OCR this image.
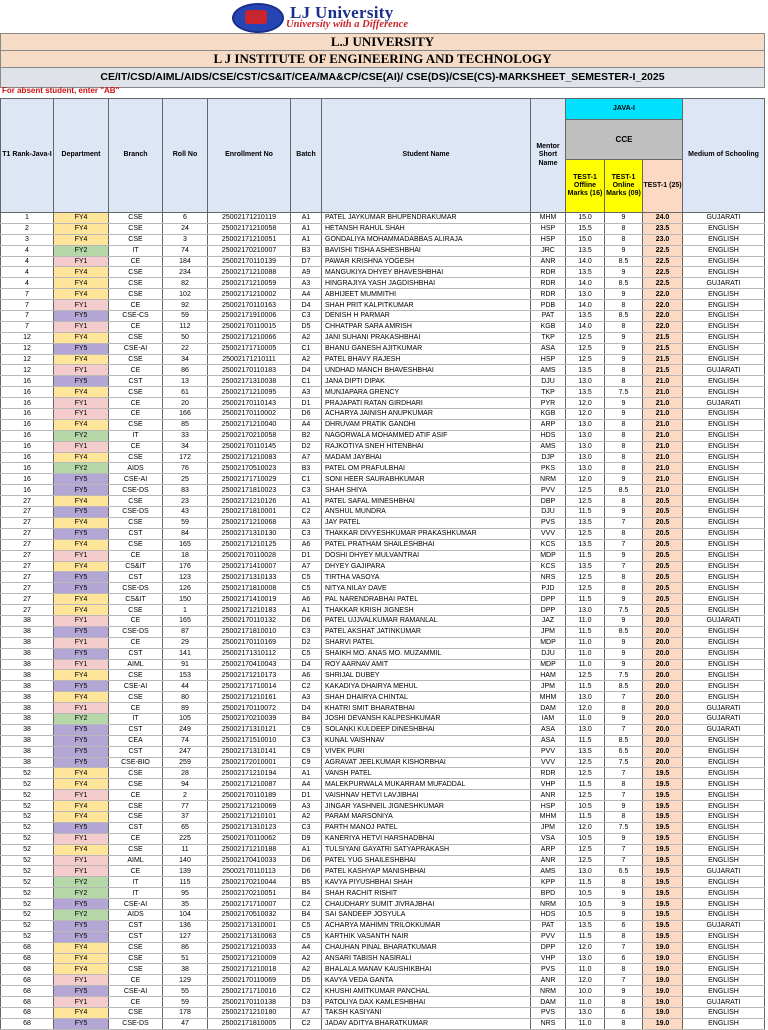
LJ University
University with a Difference
L.J UNIVERSITY
L J INSTITUTE OF ENGINEERING AND TECHNOLOGY
CE/IT/CSD/AIML/AIDS/CSE/CST/CS&IT/CEA/MA&CP/CSE(AI)/ CSE(DS)/CSE(CS)-MARKSHEET_SEMESTER-I_2025
For absent student, enter "AB"
T1 Rank-Java-I	Department	Branch	Roll No	Enrollment No	Batch	Student Name	Mentor Short Name	JAVA-I			Medium of Schooling
								CCE			
								TEST-1 Offline Marks (16)	TEST-1 Online Marks (09)	TEST-1 (25)	
1	FY4	CSE	6	25002171210119	A1	PATEL JAYKUMAR BHUPENDRAKUMAR	MHM	15.0	9	24.0	GUJARATI
2	FY4	CSE	24	25002171210058	A1	HETANSH RAHUL SHAH	HSP	15.5	8	23.5	ENGLISH
3	FY4	CSE	3	25002171210051	A1	GONDALIYA MOHAMMADABBAS ALIRAJA	HSP	15.0	8	23.0	ENGLISH
4	FY2	IT	74	25002170210007	B3	BAVISHI TISHA ASHESHBHAI	JRC	13.5	9	22.5	ENGLISH
4	FY1	CE	184	25002170110139	D7	PAWAR KRISHNA YOGESH	ANR	14.0	8.5	22.5	ENGLISH
4	FY4	CSE	234	25002171210088	A9	MANGUKIYA DHYEY BHAVESHBHAI	RDR	13.5	9	22.5	ENGLISH
4	FY4	CSE	82	25002171210059	A3	HINGRAJIYA YASH JAGDISHBHAI	RDR	14.0	8.5	22.5	GUJARATI
7	FY4	CSE	102	25002171210002	A4	ABHIJEET MUMMITHI	RDR	13.0	9	22.0	ENGLISH
7	FY1	CE	92	25002170110163	D4	SHAH PRIT KALPITKUMAR	PDB	14.0	8	22.0	ENGLISH
7	FY5	CSE-CS	59	25002171910006	C3	DENISH H PARMAR	PAT	13.5	8.5	22.0	ENGLISH
7	FY1	CE	112	25002170110015	D5	CHHATPAR SARA AMRISH	KGB	14.0	8	22.0	ENGLISH
12	FY4	CSE	50	25002171210066	A2	JANI SUHANI PRAKASHBHAI	TKP	12.5	9	21.5	ENGLISH
12	FY5	CSE-AI	22	25002171710005	C1	BHANU GANESH AJITKUMAR	ASA	12.5	9	21.5	ENGLISH
12	FY4	CSE	34	25002171210111	A2	PATEL BHAVY RAJESH	HSP	12.5	9	21.5	ENGLISH
12	FY1	CE	86	25002170110183	D4	UNDHAD MANCH BHAVESHBHAI	AMS	13.5	8	21.5	GUJARATI
16	FY5	CST	13	25002171310038	C1	JANA DIPTI DIPAK	DJU	13.0	8	21.0	ENGLISH
16	FY4	CSE	61	25002171210095	A3	MUNJAPARA GRENCY	TKP	13.5	7.5	21.0	ENGLISH
16	FY1	CE	20	25002170110143	D1	PRAJAPATI RATAN GIRDHARI	PYR	12.0	9	21.0	GUJARATI
16	FY1	CE	166	25002170110002	D6	ACHARYA JAINISH ANUPKUMAR	KGB	12.0	9	21.0	ENGLISH
16	FY4	CSE	85	25002171210040	A4	DHRUVAM PRATIK GANDHI	ARP	13.0	8	21.0	ENGLISH
16	FY2	IT	33	25002170210058	B2	NAGORWALA MOHAMMED ATIF ASIF	HDS	13.0	8	21.0	ENGLISH
16	FY1	CE	34	25002170110145	D2	RAJKOTIYA SNEH HITENBHAI	AMS	13.0	8	21.0	ENGLISH
16	FY4	CSE	172	25002171210083	A7	MADAM JAYBHAI	DJP	13.0	8	21.0	ENGLISH
16	FY2	AIDS	76	25002170510023	B3	PATEL OM PRAFULBHAI	PKS	13.0	8	21.0	ENGLISH
16	FY5	CSE-AI	25	25002171710029	C1	SONI HEER SAURABHKUMAR	NRM	12.0	9	21.0	ENGLISH
16	FY5	CSE-DS	83	25002171810023	C3	SHAH SHIYA	PVV	12.5	8.5	21.0	ENGLISH
27	FY4	CSE	23	25002171210126	A1	PATEL SAFAL MINESHBHAI	DBP	12.5	8	20.5	ENGLISH
27	FY5	CSE-DS	43	25002171810001	C2	ANSHUL MUNDRA	DJU	11.5	9	20.5	ENGLISH
27	FY4	CSE	59	25002171210068	A3	JAY PATEL	PVS	13.5	7	20.5	ENGLISH
27	FY5	CST	84	25002171310130	C3	THAKKAR DIVYESHKUMAR PRAKASHKUMAR	VVV	12.5	8	20.5	ENGLISH
27	FY4	CSE	165	25002171210125	A6	PATEL PRATHAM SHAILESHBHAI	KCS	13.5	7	20.5	ENGLISH
27	FY1	CE	18	25002170110028	D1	DOSHI DHYEY MULVANTRAI	MDP	11.5	9	20.5	ENGLISH
27	FY4	CS&IT	176	25002171410007	A7	DHYEY GAJIPARA	KCS	13.5	7	20.5	ENGLISH
27	FY5	CST	123	25002171310133	C5	TIRTHA VASOYA	NRS	12.5	8	20.5	ENGLISH
27	FY5	CSE-DS	126	25002171810008	C5	NITYA NILAY DAVE	PJD	12.5	8	20.5	ENGLISH
27	FY4	CS&IT	150	25002171410019	A6	PAL NARENDRABHAI PATEL	DPP	11.5	9	20.5	ENGLISH
27	FY4	CSE	1	25002171210183	A1	THAKKAR KRISH JIGNESH	DPP	13.0	7.5	20.5	ENGLISH
38	FY1	CE	165	25002170110132	D6	PATEL UJJVALKUMAR RAMANLAL	JAZ	11.0	9	20.0	GUJARATI
38	FY5	CSE-DS	87	25002171810010	C3	PATEL AKSHAT JATINKUMAR	JPM	11.5	8.5	20.0	ENGLISH
38	FY1	CE	29	25002170110169	D2	SHARVI PATEL	MDP	11.0	9	20.0	ENGLISH
38	FY5	CST	141	25002171310112	C5	SHAIKH MO. ANAS MO. MUZAMMIL	DJU	11.0	9	20.0	ENGLISH
38	FY1	AIML	91	25002170410043	D4	ROY AARNAV AMIT	MDP	11.0	9	20.0	ENGLISH
38	FY4	CSE	153	25002171210173	A6	SHRIJAL DUBEY	HAM	12.5	7.5	20.0	ENGLISH
38	FY5	CSE-AI	44	25002171710014	C2	KAKADIYA DHAIRYA MEHUL	JPM	11.5	8.5	20.0	ENGLISH
38	FY4	CSE	80	25002171210161	A3	SHAH DHAIRYA CHINTAL	MHM	13.0	7	20.0	ENGLISH
38	FY1	CE	89	25002170110072	D4	KHATRI SMIT BHARATBHAI	DAM	12.0	8	20.0	GUJARATI
38	FY2	IT	105	25002170210039	B4	JOSHI DEVANSH KALPESHKUMAR	IAM	11.0	9	20.0	GUJARATI
38	FY5	CST	249	25002171310121	C9	SOLANKI KULDEEP DINESHBHAI	ASA	13.0	7	20.0	GUJARATI
38	FY5	CEA	74	25002171510010	C3	KUNAL VAISHNAV	ASA	11.5	8.5	20.0	ENGLISH
38	FY5	CST	247	25002171310141	C9	VIVEK PURI	PVV	13.5	6.5	20.0	ENGLISH
38	FY5	CSE-BIO	259	25002172010001	C9	AGRAVAT JEELKUMAR KISHORBHAI	VVV	12.5	7.5	20.0	ENGLISH
52	FY4	CSE	28	25002171210194	A1	VANSH PATEL	RDR	12.5	7	19.5	ENGLISH
52	FY4	CSE	94	25002171210087	A4	MALEKPURWALA MUKARRAM MUFADDAL	VHP	11.5	8	19.5	ENGLISH
52	FY1	CE	2	25002170110189	D1	VAISHNAV HETVI LAVJIBHAI	ANR	12.5	7	19.5	ENGLISH
52	FY4	CSE	77	25002171210069	A3	JINGAR YASHNEIL JIGNESHKUMAR	HSP	10.5	9	19.5	ENGLISH
52	FY4	CSE	37	25002171210101	A2	PARAM MARSONIYA	MHM	11.5	8	19.5	ENGLISH
52	FY5	CST	65	25002171310123	C3	PARTH MANOJ PATEL	JPM	12.0	7.5	19.5	ENGLISH
52	FY1	CE	225	25002170110062	D9	KANERIYA HETVI HARSHADBHAI	VSA	10.5	9	19.5	ENGLISH
52	FY4	CSE	11	25002171210188	A1	TULSIYANI GAYATRI SATYAPRAKASH	ARP	12.5	7	19.5	ENGLISH
52	FY1	AIML	140	25002170410033	D6	PATEL YUG SHAILESHBHAI	ANR	12.5	7	19.5	ENGLISH
52	FY1	CE	139	25002170110113	D6	PATEL KASHYAP MANISHBHAI	AMS	13.0	6.5	19.5	GUJARATI
52	FY2	IT	115	25002170210044	B5	KAVYA PIYUSHBHAI SHAH	KPP	11.5	8	19.5	ENGLISH
52	FY2	IT	95	25002170210051	B4	SHAH RACHIT RISHIT	BPD	10.5	9	19.5	ENGLISH
52	FY5	CSE-AI	35	25002171710007	C2	CHAUDHARY SUMIT JIVRAJBHAI	NRM	10.5	9	19.5	ENGLISH
52	FY2	AIDS	104	25002170510032	B4	SAI SANDEEP JOSYULA	HDS	10.5	9	19.5	ENGLISH
52	FY5	CST	136	25002171310001	C5	ACHARYA MAHIMN TRILOKKUMAR	PAT	13.5	6	19.5	GUJARATI
52	FY5	CST	127	25002171310063	C5	KARTHIK VASANTH NAIR	PVV	11.5	8	19.5	ENGLISH
68	FY4	CSE	86	25002171210033	A4	CHAUHAN PINAL BHARATKUMAR	DPP	12.0	7	19.0	ENGLISH
68	FY4	CSE	51	25002171210009	A2	ANSARI TABISH NASIRALI	VHP	13.0	6	19.0	ENGLISH
68	FY4	CSE	38	25002171210018	A2	BHALALA MANAV KAUSHIKBHAI	PVS	11.0	8	19.0	ENGLISH
68	FY1	CE	129	25002170110069	D5	KAVYA VEDA GANTA	ANR	12.0	7	19.0	ENGLISH
68	FY5	CSE-AI	55	25002171710016	C2	KHUSHI AMITKUMAR PANCHAL	NRM	10.0	9	19.0	ENGLISH
68	FY1	CE	59	25002170110138	D3	PATOLIYA DAX KAMLESHBHAI	DAM	11.0	8	19.0	GUJARATI
68	FY4	CSE	178	25002171210180	A7	TAKSH KASIYANI	PVS	13.0	6	19.0	ENGLISH
68	FY5	CSE-DS	47	25002171810005	C2	JADAV ADITYA BHARATKUMAR	NRS	11.0	8	19.0	ENGLISH
